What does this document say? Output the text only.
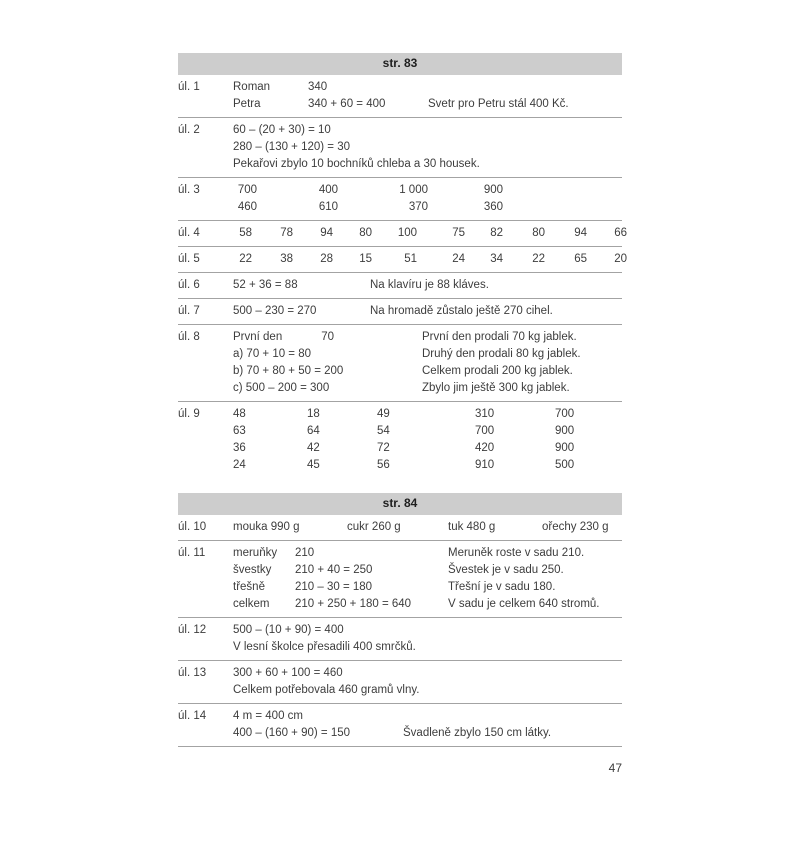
str. 83
úl. 1	Roman	340
Petra	340 + 60 = 400	Svetr pro Petru stál 400 Kč.
úl. 2	60 – (20 + 30) = 10
280 – (130 + 120) = 30
Pekařovi zbylo 10 bochníků chleba a 30 housek.
úl. 3	700	400	1 000	900
460	610	370	360
úl. 4	58	78	94	80	100	75	82	80	94	66
úl. 5	22	38	28	15	51	24	34	22	65	20
úl. 6	52 + 36 = 88	Na klavíru je 88 kláves.
úl. 7	500 – 230 = 270	Na hromadě zůstalo ještě 270 cihel.
úl. 8	První den	70	První den prodali 70 kg jablek.
a) 70 + 10 = 80	Druhý den prodali 80 kg jablek.
b) 70 + 80 + 50 = 200	Celkem prodali 200 kg jablek.
c) 500 – 200 = 300	Zbylo jim ještě 300 kg jablek.
úl. 9	48	18	49	310	700
63	64	54	700	900
36	42	72	420	900
24	45	56	910	500
str. 84
úl. 10	mouka 990 g	cukr 260 g	tuk 480 g	ořechy 230 g
úl. 11	meruňky	210	Meruněk roste v sadu 210.
švestky	210 + 40 = 250	Švestek je v sadu 250.
třešně	210 – 30 = 180	Třešní je v sadu 180.
celkem	210 + 250 + 180 = 640	V sadu je celkem 640 stromů.
úl. 12	500 – (10 + 90) = 400
V lesní školce přesadili 400 smrčků.
úl. 13	300 + 60 + 100 = 460
Celkem potřebovala 460 gramů vlny.
úl. 14	4 m = 400 cm
400 – (160 + 90) = 150	Švadleně zbylo 150 cm látky.
47
